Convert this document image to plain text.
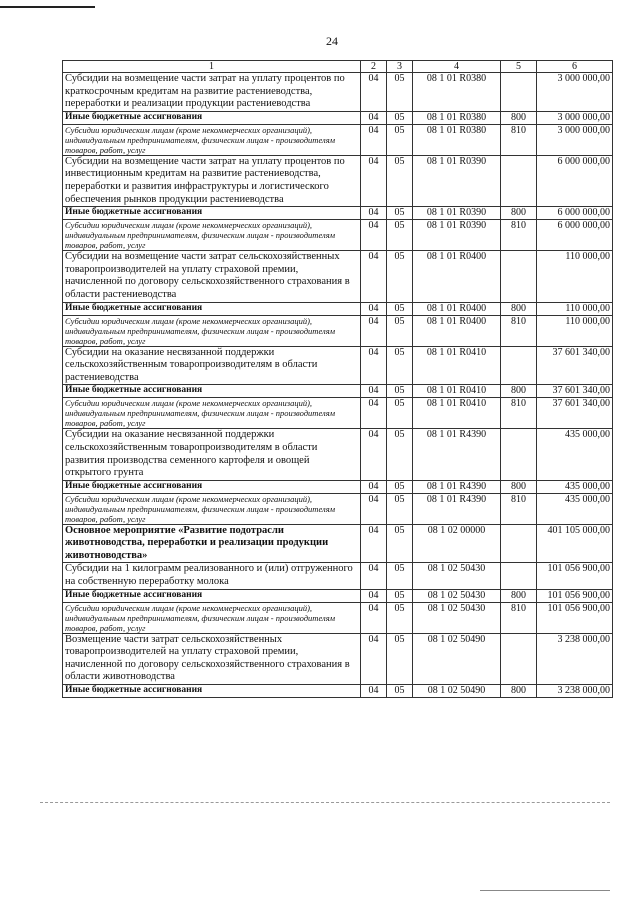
24
1	2	3	4	5	6
Субсидии на возмещение части затрат на уплату процентов по краткосрочным кредитам на развитие растениеводства, переработки и реализации продукции растениеводства	04	05	08 1 01 R0380		3 000 000,00
Иные бюджетные ассигнования	04	05	08 1 01 R0380	800	3 000 000,00
Субсидии юридическим лицам (кроме некоммерческих организаций), индивидуальным предпринимателям, физическим лицам - производителям товаров, работ, услуг	04	05	08 1 01 R0380	810	3 000 000,00
Субсидии на возмещение части затрат на уплату процентов по инвестиционным кредитам на развитие растениеводства, переработки и развития инфраструктуры и логистического обеспечения рынков продукции растениеводства	04	05	08 1 01 R0390		6 000 000,00
Иные бюджетные ассигнования	04	05	08 1 01 R0390	800	6 000 000,00
Субсидии юридическим лицам (кроме некоммерческих организаций), индивидуальным предпринимателям, физическим лицам - производителям товаров, работ, услуг	04	05	08 1 01 R0390	810	6 000 000,00
Субсидии на возмещение части затрат сельскохозяйственных товаропроизводителей на уплату страховой премии, начисленной по договору сельскохозяйственного страхования в области растениеводства	04	05	08 1 01 R0400		110 000,00
Иные бюджетные ассигнования	04	05	08 1 01 R0400	800	110 000,00
Субсидии юридическим лицам (кроме некоммерческих организаций), индивидуальным предпринимателям, физическим лицам - производителям товаров, работ, услуг	04	05	08 1 01 R0400	810	110 000,00
Субсидии на оказание несвязанной поддержки сельскохозяйственным товаропроизводителям в области растениеводства	04	05	08 1 01 R0410		37 601 340,00
Иные бюджетные ассигнования	04	05	08 1 01 R0410	800	37 601 340,00
Субсидии юридическим лицам (кроме некоммерческих организаций), индивидуальным предпринимателям, физическим лицам - производителям товаров, работ, услуг	04	05	08 1 01 R0410	810	37 601 340,00
Субсидии на оказание несвязанной поддержки сельскохозяйственным товаропроизводителям в области развития производства семенного картофеля и овощей открытого грунта	04	05	08 1 01 R4390		435 000,00
Иные бюджетные ассигнования	04	05	08 1 01 R4390	800	435 000,00
Субсидии юридическим лицам (кроме некоммерческих организаций), индивидуальным предпринимателям, физическим лицам - производителям товаров, работ, услуг	04	05	08 1 01 R4390	810	435 000,00
Основное мероприятие «Развитие подотрасли животноводства, переработки и реализации продукции животноводства»	04	05	08 1 02 00000		401 105 000,00
Субсидии на 1 килограмм реализованного и (или) отгруженного на собственную переработку молока	04	05	08 1 02 50430		101 056 900,00
Иные бюджетные ассигнования	04	05	08 1 02 50430	800	101 056 900,00
Субсидии юридическим лицам (кроме некоммерческих организаций), индивидуальным предпринимателям, физическим лицам - производителям товаров, работ, услуг	04	05	08 1 02 50430	810	101 056 900,00
Возмещение части затрат сельскохозяйственных товаропроизводителей на уплату страховой премии, начисленной по договору сельскохозяйственного страхования в области животноводства	04	05	08 1 02 50490		3 238 000,00
Иные бюджетные ассигнования	04	05	08 1 02 50490	800	3 238 000,00
